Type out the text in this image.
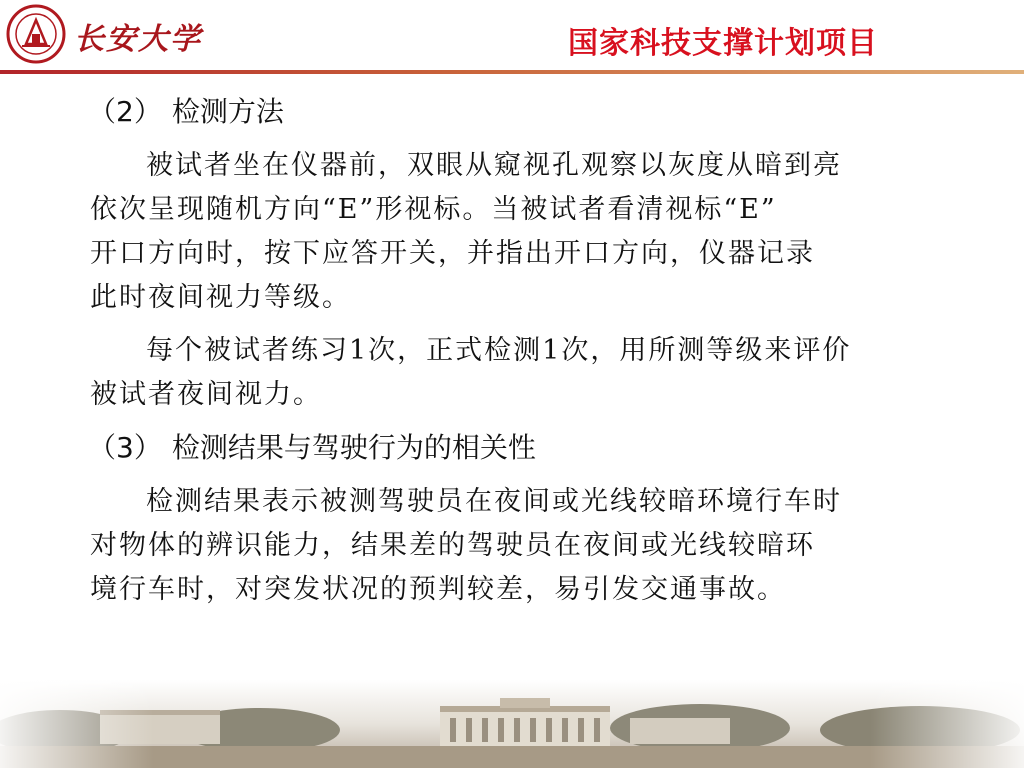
长安大学	国家科技支撑计划项目
（2） 检测方法
被试者坐在仪器前，双眼从窥视孔观察以灰度从暗到亮
依次呈现随机方向“E”形视标。当被试者看清视标“E”
开口方向时，按下应答开关，并指出开口方向，仪器记录
此时夜间视力等级。
每个被试者练习1次，正式检测1次，用所测等级来评价
被试者夜间视力。
（3） 检测结果与驾驶行为的相关性
检测结果表示被测驾驶员在夜间或光线较暗环境行车时
对物体的辨识能力，结果差的驾驶员在夜间或光线较暗环
境行车时，对突发状况的预判较差，易引发交通事故。
